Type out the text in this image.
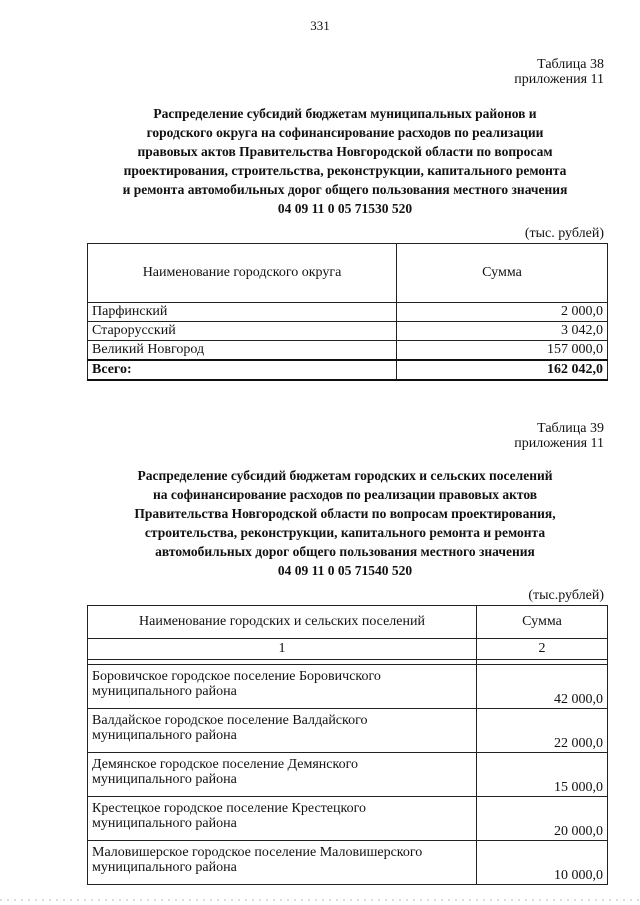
331
Таблица 38
приложения 11
Распределение субсидий бюджетам муниципальных районов и
городского округа на софинансирование расходов по реализации
правовых актов Правительства Новгородской области по вопросам
проектирования, строительства, реконструкции, капитального ремонта
и ремонта автомобильных дорог общего пользования местного значения
04 09 11 0 05 71530 520
(тыс. рублей)
Наименование городского округа	Сумма
Парфинский	2 000,0
Старорусский	3 042,0
Великий Новгород	157 000,0
Всего:	162 042,0
Таблица 39
приложения 11
Распределение субсидий бюджетам городских и сельских поселений
на софинансирование расходов по реализации правовых актов
Правительства Новгородской области по вопросам проектирования,
строительства, реконструкции, капитального ремонта и ремонта
автомобильных дорог общего пользования местного значения
04 09 11 0 05 71540 520
(тыс.рублей)
Наименование городских и сельских поселений	Сумма
1	2

Боровичское городское поселение Боровичского
муниципального района	42 000,0

Валдайское городское поселение Валдайского
муниципального района	22 000,0

Демянское городское поселение Демянского
муниципального района	15 000,0

Крестецкое городское поселение Крестецкого
муниципального района	20 000,0

Маловишерское городское поселение Маловишерского
муниципального района	10 000,0
